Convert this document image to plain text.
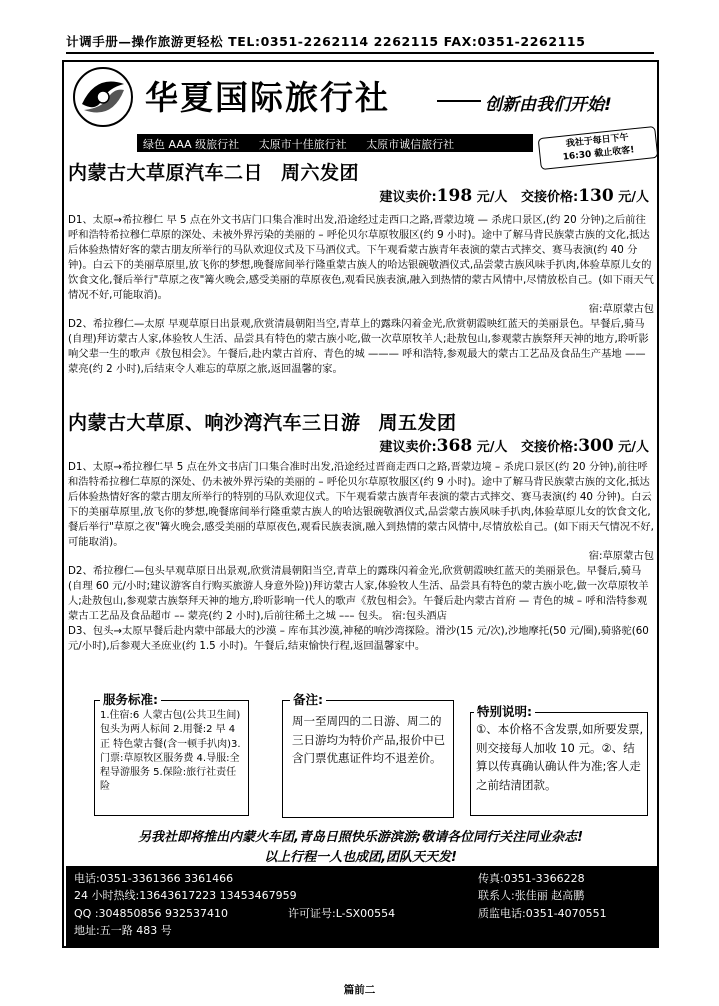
计调手册—操作旅游更轻松 TEL:0351-2262114 2262115 FAX:0351-2262115
华夏国际旅行社	创新由我们开始!
绿色 AAA 级旅行社 太原市十佳旅行社 太原市诚信旅行社	我社于每日下午
16:30 截止收客!
内蒙古大草原汽车二日 周六发团
建议卖价:198 元/人 交接价格:130 元/人

D1、太原→希拉穆仁 早 5 点在外文书店门口集合准时出发,沿途经过走西口之路,晋蒙边境 — 杀虎口景区,(约 20 分钟)之后前往呼和浩特希拉穆仁草原的深处、未被外界污染的美丽的 – 呼伦贝尔草原牧服区(约 9 小时)。途中了解马背民族蒙古族的文化,抵达后体验热情好客的蒙古朋友所举行的马队欢迎仪式及下马酒仪式。下午观看蒙古族青年表演的蒙古式摔交、赛马表演(约 40 分钟)。白云下的美丽草原里,放飞你的梦想,晚餐席间举行隆重蒙古族人的哈达银碗敬酒仪式,品尝蒙古族风味手扒肉,体验草原儿女的饮食文化,餐后举行"草原之夜"篝火晚会,感受美丽的草原夜色,观看民族表演,融入到热情的蒙古风情中,尽情放松自己。(如下雨天气情况不好,可能取消)。

宿:草原蒙古包

D2、希拉穆仁—太原 早观草原日出景观,欣赏清晨朝阳当空,青草上的露珠闪着金光,欣赏朝霞映红蓝天的美丽景色。早餐后,骑马(自理)拜访蒙古人家,体验牧人生活、品尝具有特色的蒙古族小吃,做一次草原牧羊人;赴敖包山,参观蒙古族祭拜天神的地方,聆听影响父辈一生的歌声《敖包相会》。午餐后,赴内蒙古首府、青色的城 ——— 呼和浩特,参观最大的蒙古工艺品及食品生产基地 —— 蒙亮(约 2 小时),后结束令人难忘的草原之旅,返回温馨的家。

内蒙古大草原、响沙湾汽车三日游 周五发团
建议卖价:368 元/人 交接价格:300 元/人

D1、太原→希拉穆仁早 5 点在外文书店门口集合准时出发,沿途经过晋商走西口之路,晋蒙边境 – 杀虎口景区(约 20 分钟),前往呼和浩特希拉穆仁草原的深处、仍未被外界污染的美丽的 – 呼伦贝尔草原牧服区(约 9 小时)。途中了解马背民族蒙古族的文化,抵达后体验热情好客的蒙古朋友所举行的特别的马队欢迎仪式。下午观看蒙古族青年表演的蒙古式摔交、赛马表演(约 40 分钟)。白云下的美丽草原里,放飞你的梦想,晚餐席间举行隆重蒙古族人的哈达银碗敬酒仪式,品尝蒙古族风味手扒肉,体验草原儿女的饮食文化,餐后举行"草原之夜"篝火晚会,感受美丽的草原夜色,观看民族表演,融入到热情的蒙古风情中,尽情放松自己。(如下雨天气情况不好,可能取消)。

宿:草原蒙古包

D2、希拉穆仁—包头早观草原日出景观,欣赏清晨朝阳当空,青草上的露珠闪着金光,欣赏朝霞映红蓝天的美丽景色。早餐后,骑马(自理 60 元/小时;建议游客自行购买旅游人身意外险))拜访蒙古人家,体验牧人生活、品尝具有特色的蒙古族小吃,做一次草原牧羊人;赴敖包山,参观蒙古族祭拜天神的地方,聆听影响一代人的歌声《敖包相会》。午餐后赴内蒙古首府 — 青色的城 – 呼和浩特参观蒙古工艺品及食品超市 –– 蒙亮(约 2 小时),后前往稀土之城 ––– 包头。 宿:包头酒店

D3、包头→太原早餐后赴内蒙中部最大的沙漠 – 库布其沙漠,神秘的响沙湾探险。滑沙(15 元/次),沙地摩托(50 元/圈),骑骆驼(60 元/小时),后参观大圣庶业(约 1.5 小时)。午餐后,结束愉快行程,返回温馨家中。

服务标准:
1.住宿:6 人蒙古包(公共卫生间) 包头为两人标间 2.用餐:2 早 4 正 特色蒙古餐(含一顿手扒肉)3. 门票:草原牧区服务费 4.导服:全程导游服务 5.保险:旅行社责任险
备注:
周一至周四的二日游、周二的三日游均为特价产品,报价中已含门票优惠证件均不退差价。
特别说明:
①、本价格不含发票,如所要发票,则交接每人加收 10 元。②、结算以传真确认确认件为准;客人走之前结清团款。
另我社即将推出内蒙火车团,青岛日照快乐游滨游;敬请各位同行关注同业杂志!
以上行程一人也成团,团队天天发!
电话:0351-3361366 3361466	传真:0351-3366228
24 小时热线:13643617223 13453467959	联系人:张佳丽 赵高鹏
QQ :304850856 932537410	许可证号:L-SX00554	质监电话:0351-4070551
地址:五一路 483 号
篇前二
